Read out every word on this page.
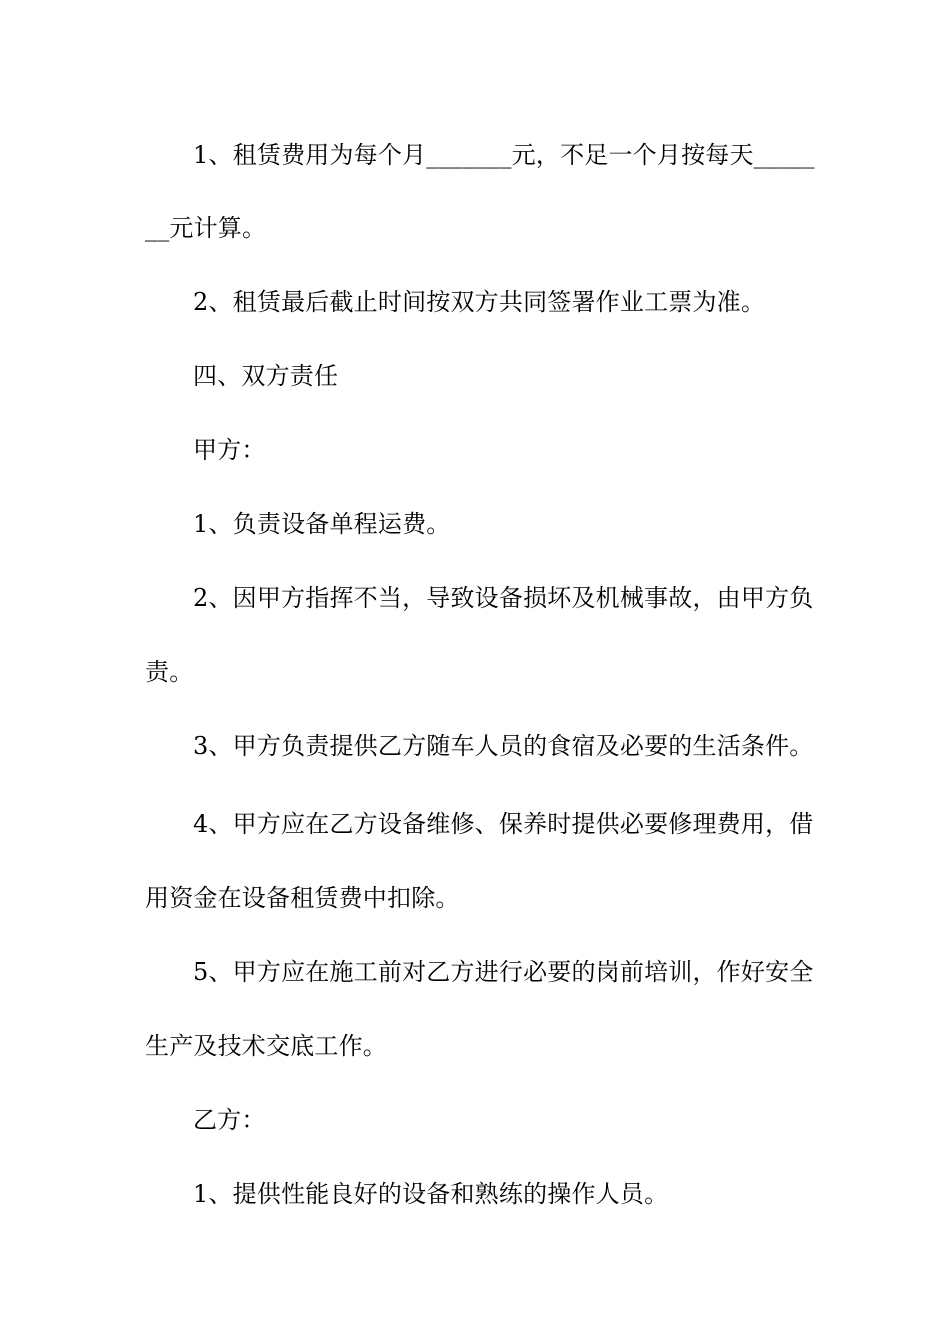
1、租赁费用为每个月_______元，不足一个月按每天_____
__元计算。
2、租赁最后截止时间按双方共同签署作业工票为准。
四、双方责任
甲方：
1、负责设备单程运费。
2、因甲方指挥不当，导致设备损坏及机械事故，由甲方负
责。
3、甲方负责提供乙方随车人员的食宿及必要的生活条件。
4、甲方应在乙方设备维修、保养时提供必要修理费用，借
用资金在设备租赁费中扣除。
5、甲方应在施工前对乙方进行必要的岗前培训，作好安全
生产及技术交底工作。
乙方：
1、提供性能良好的设备和熟练的操作人员。
